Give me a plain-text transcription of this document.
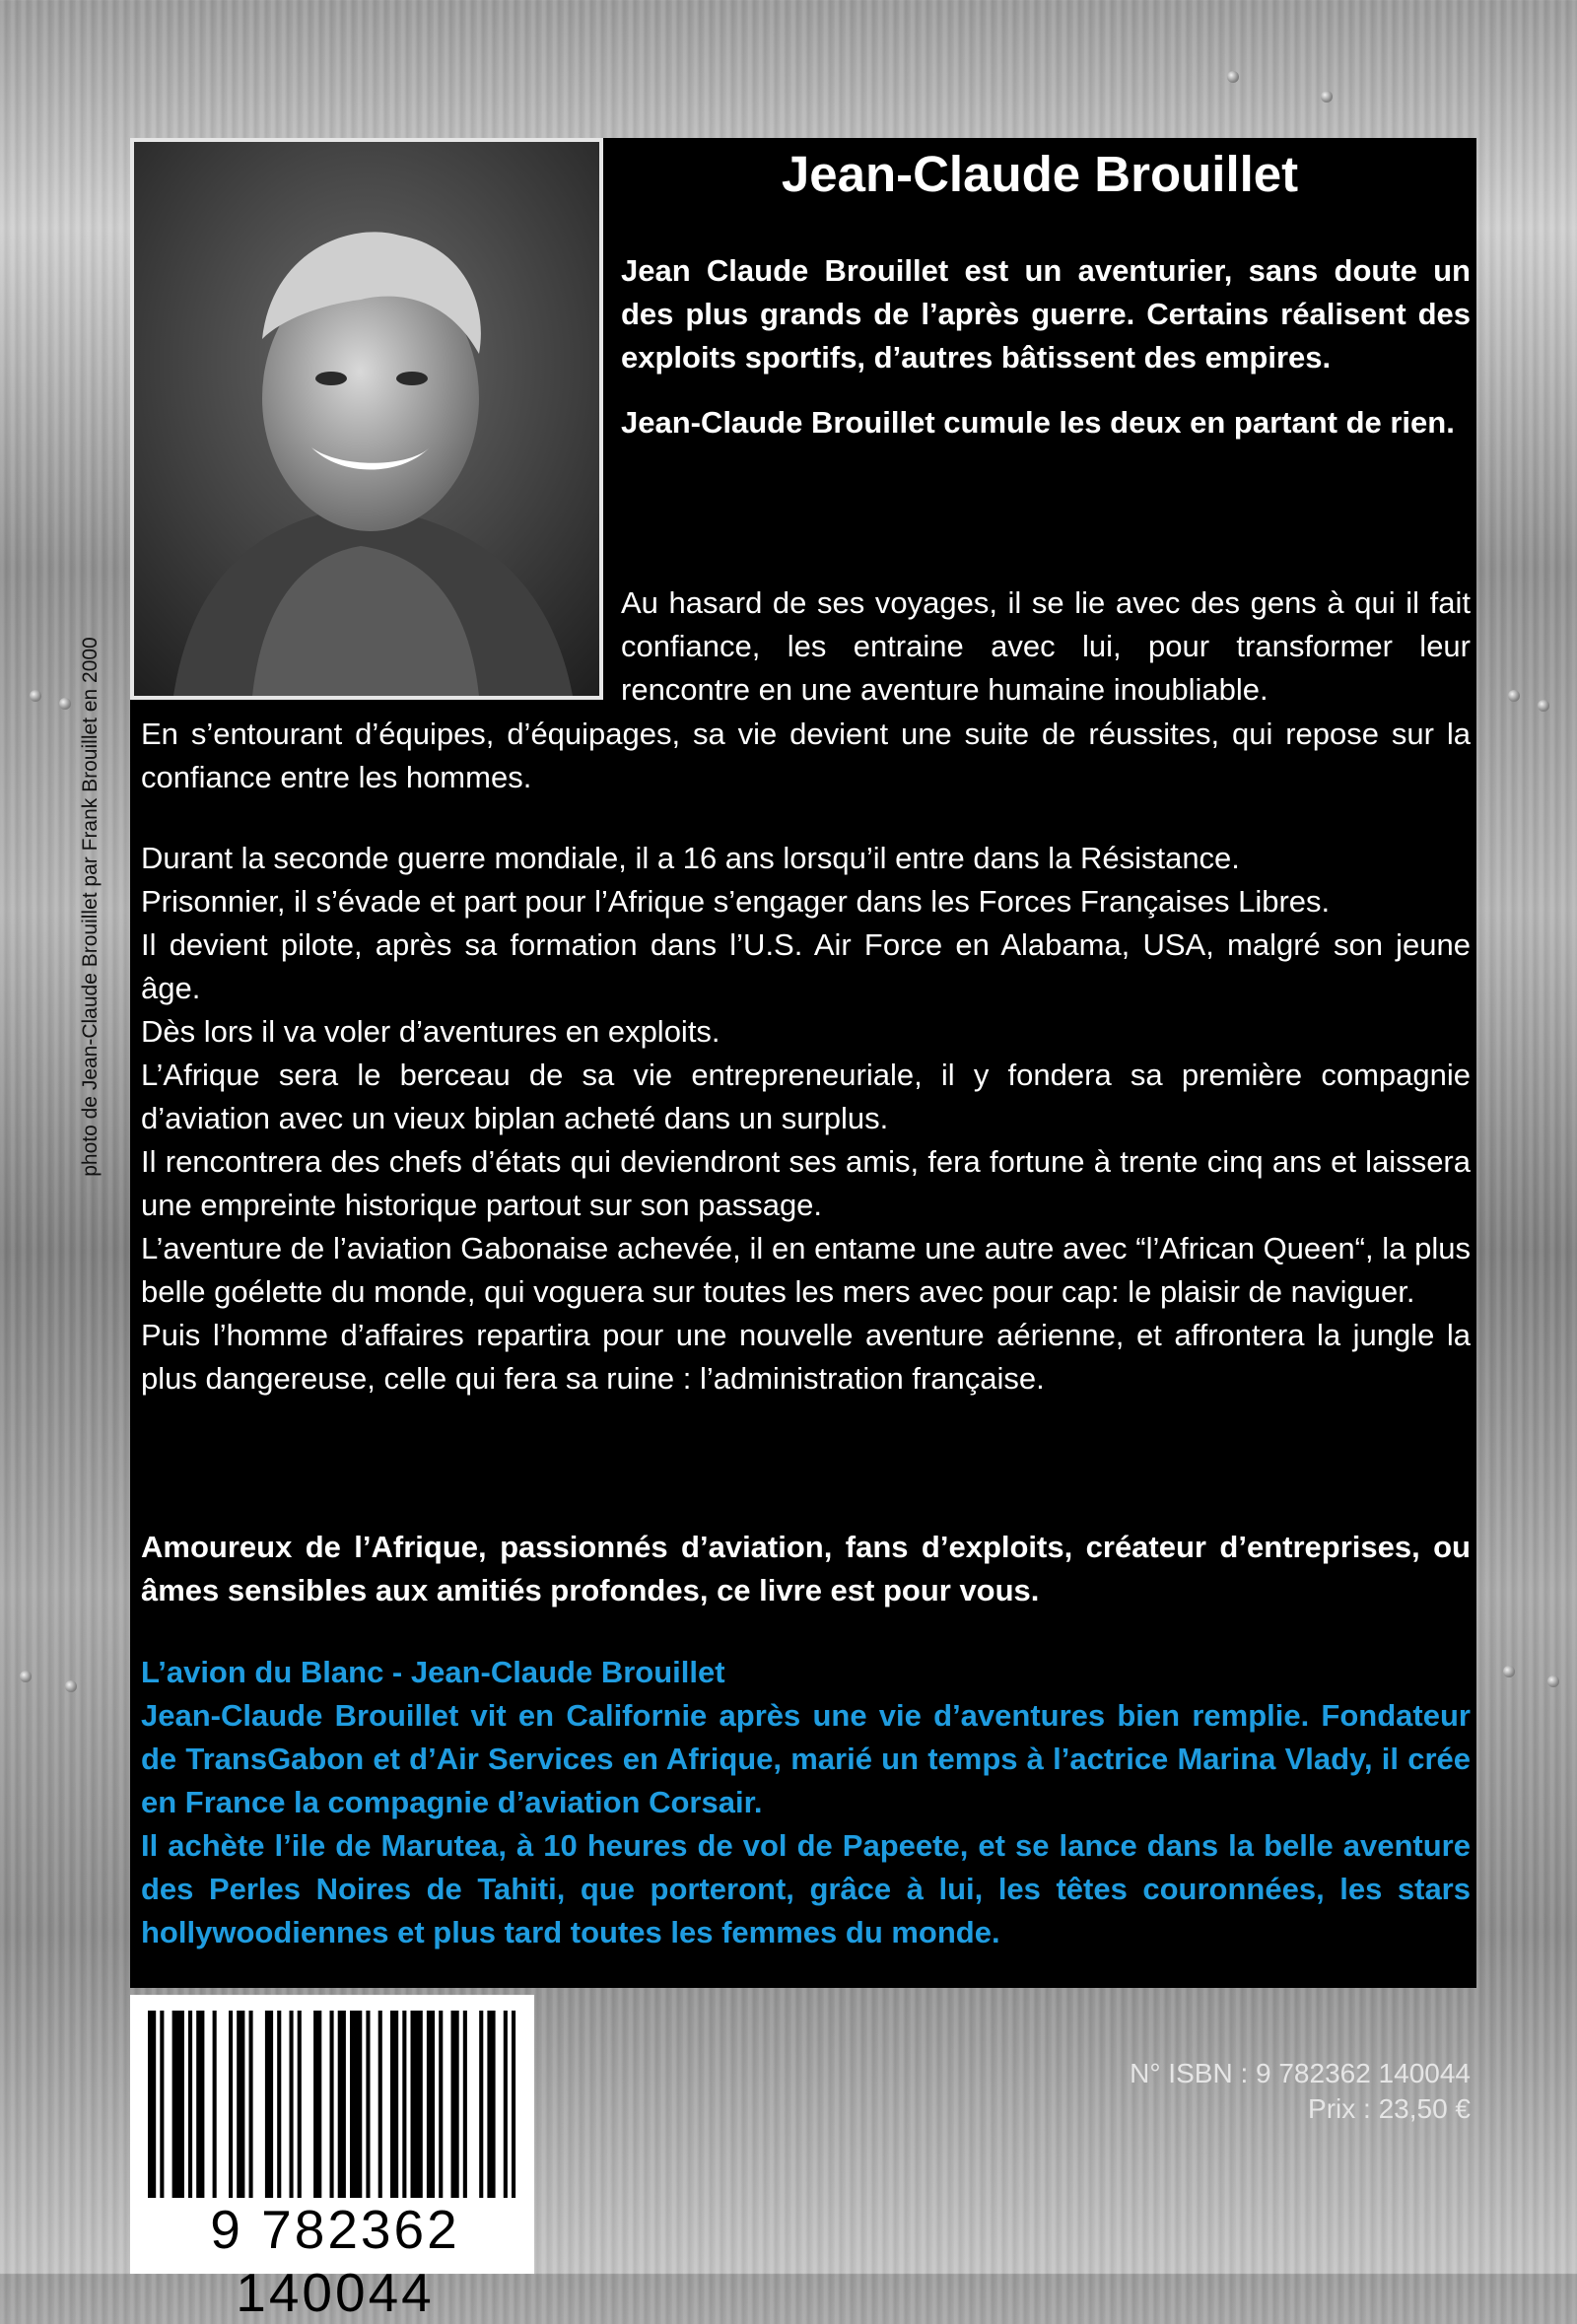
photo de Jean-Claude Brouillet par Frank Brouillet en 2000
Jean-Claude Brouillet

Jean Claude Brouillet est un aventurier, sans doute un des plus grands de l’après guerre. Certains réalisent des exploits sportifs, d’autres bâtissent des empires.

Jean-Claude Brouillet cumule les deux en partant de rien.

Au hasard de ses voyages, il se lie avec des gens à qui il fait confiance, les entraine avec lui, pour transformer leur rencontre en une aventure humaine inoubliable.
En s’entourant d’équipes, d’équipages, sa vie devient une suite de réussites, qui repose sur la confiance entre les hommes.

Durant la seconde guerre mondiale, il a 16 ans lorsqu’il entre dans la Résistance.

Prisonnier, il s’évade et part pour l’Afrique s’engager dans les Forces Françaises Libres.

Il devient pilote, après sa formation dans l’U.S. Air Force en Alabama, USA, malgré son jeune âge.

Dès lors il va voler d’aventures en exploits.

L’Afrique sera le berceau de sa vie entrepreneuriale, il y fondera sa première compagnie d’aviation avec un vieux biplan acheté dans un surplus.

Il rencontrera des chefs d’états qui deviendront ses amis, fera fortune à trente cinq ans et laissera une empreinte historique partout sur son passage.

L’aventure de l’aviation Gabonaise achevée, il en entame une autre avec “l’African Queen“, la plus belle goélette du monde, qui voguera sur toutes les mers avec pour cap: le plaisir de naviguer.

Puis l’homme d’affaires repartira pour une nouvelle aventure aérienne, et affrontera la jungle la plus dangereuse, celle qui fera sa ruine : l’administration française.

Amoureux de l’Afrique, passionnés d’aviation, fans d’exploits, créateur d’entreprises, ou âmes sensibles aux amitiés profondes, ce livre est pour vous.

L’avion du Blanc - Jean-Claude Brouillet

Jean-Claude Brouillet vit en Californie après une vie d’aventures bien remplie. Fondateur de TransGabon et d’Air Services en Afrique, marié un temps à l’actrice Marina Vlady, il crée en France la compagnie d’aviation Corsair.

Il achète l’ile de Marutea, à 10 heures de vol de Papeete, et se lance dans la belle aventure des Perles Noires de Tahiti, que porteront, grâce à lui, les têtes couronnées, les stars hollywoodiennes et plus tard toutes les femmes du monde.

N° ISBN : 9 782362 140044
Prix : 23,50 €
9 782362 140044
